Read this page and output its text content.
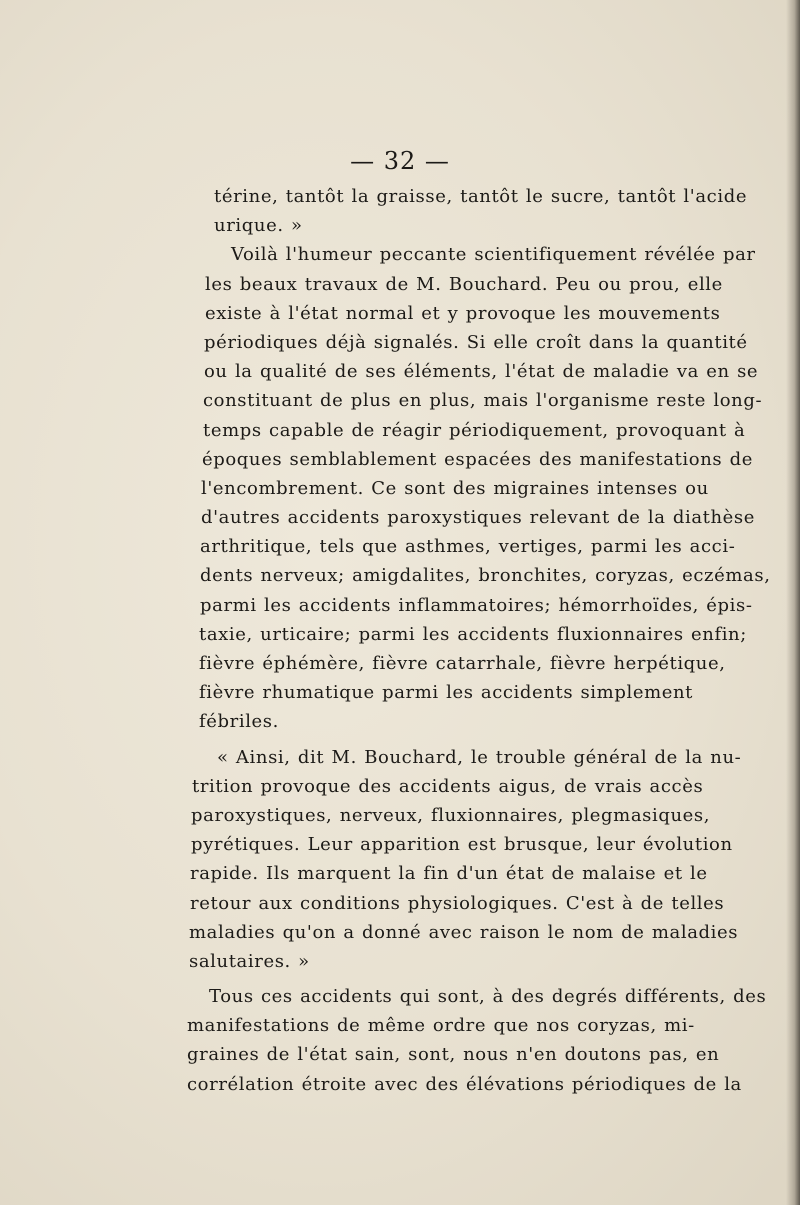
— 32 —
térine, tantôt la graisse, tantôt le sucre, tantôt l'acide
urique. »
Voilà l'humeur peccante scientifiquement révélée par
les beaux travaux de M. Bouchard. Peu ou prou, elle
existe à l'état normal et y provoque les mouvements
périodiques déjà signalés. Si elle croît dans la quantité
ou la qualité de ses éléments, l'état de maladie va en se
constituant de plus en plus, mais l'organisme reste long-
temps capable de réagir périodiquement, provoquant à
époques semblablement espacées des manifestations de
l'encombrement. Ce sont des migraines intenses ou
d'autres accidents paroxystiques relevant de la diathèse
arthritique, tels que asthmes, vertiges, parmi les acci-
dents nerveux; amigdalites, bronchites, coryzas, eczémas,
parmi les accidents inflammatoires; hémorrhoïdes, épis-
taxie, urticaire; parmi les accidents fluxionnaires enfin;
fièvre éphémère, fièvre catarrhale, fièvre herpétique,
fièvre rhumatique parmi les accidents simplement
fébriles.
« Ainsi, dit M. Bouchard, le trouble général de la nu-
trition provoque des accidents aigus, de vrais accès
paroxystiques, nerveux, fluxionnaires, plegmasiques,
pyrétiques. Leur apparition est brusque, leur évolution
rapide. Ils marquent la fin d'un état de malaise et le
retour aux conditions physiologiques. C'est à de telles
maladies qu'on a donné avec raison le nom de maladies
salutaires. »
Tous ces accidents qui sont, à des degrés différents, des
manifestations de même ordre que nos coryzas, mi-
graines de l'état sain, sont, nous n'en doutons pas, en
corrélation étroite avec des élévations périodiques de la
